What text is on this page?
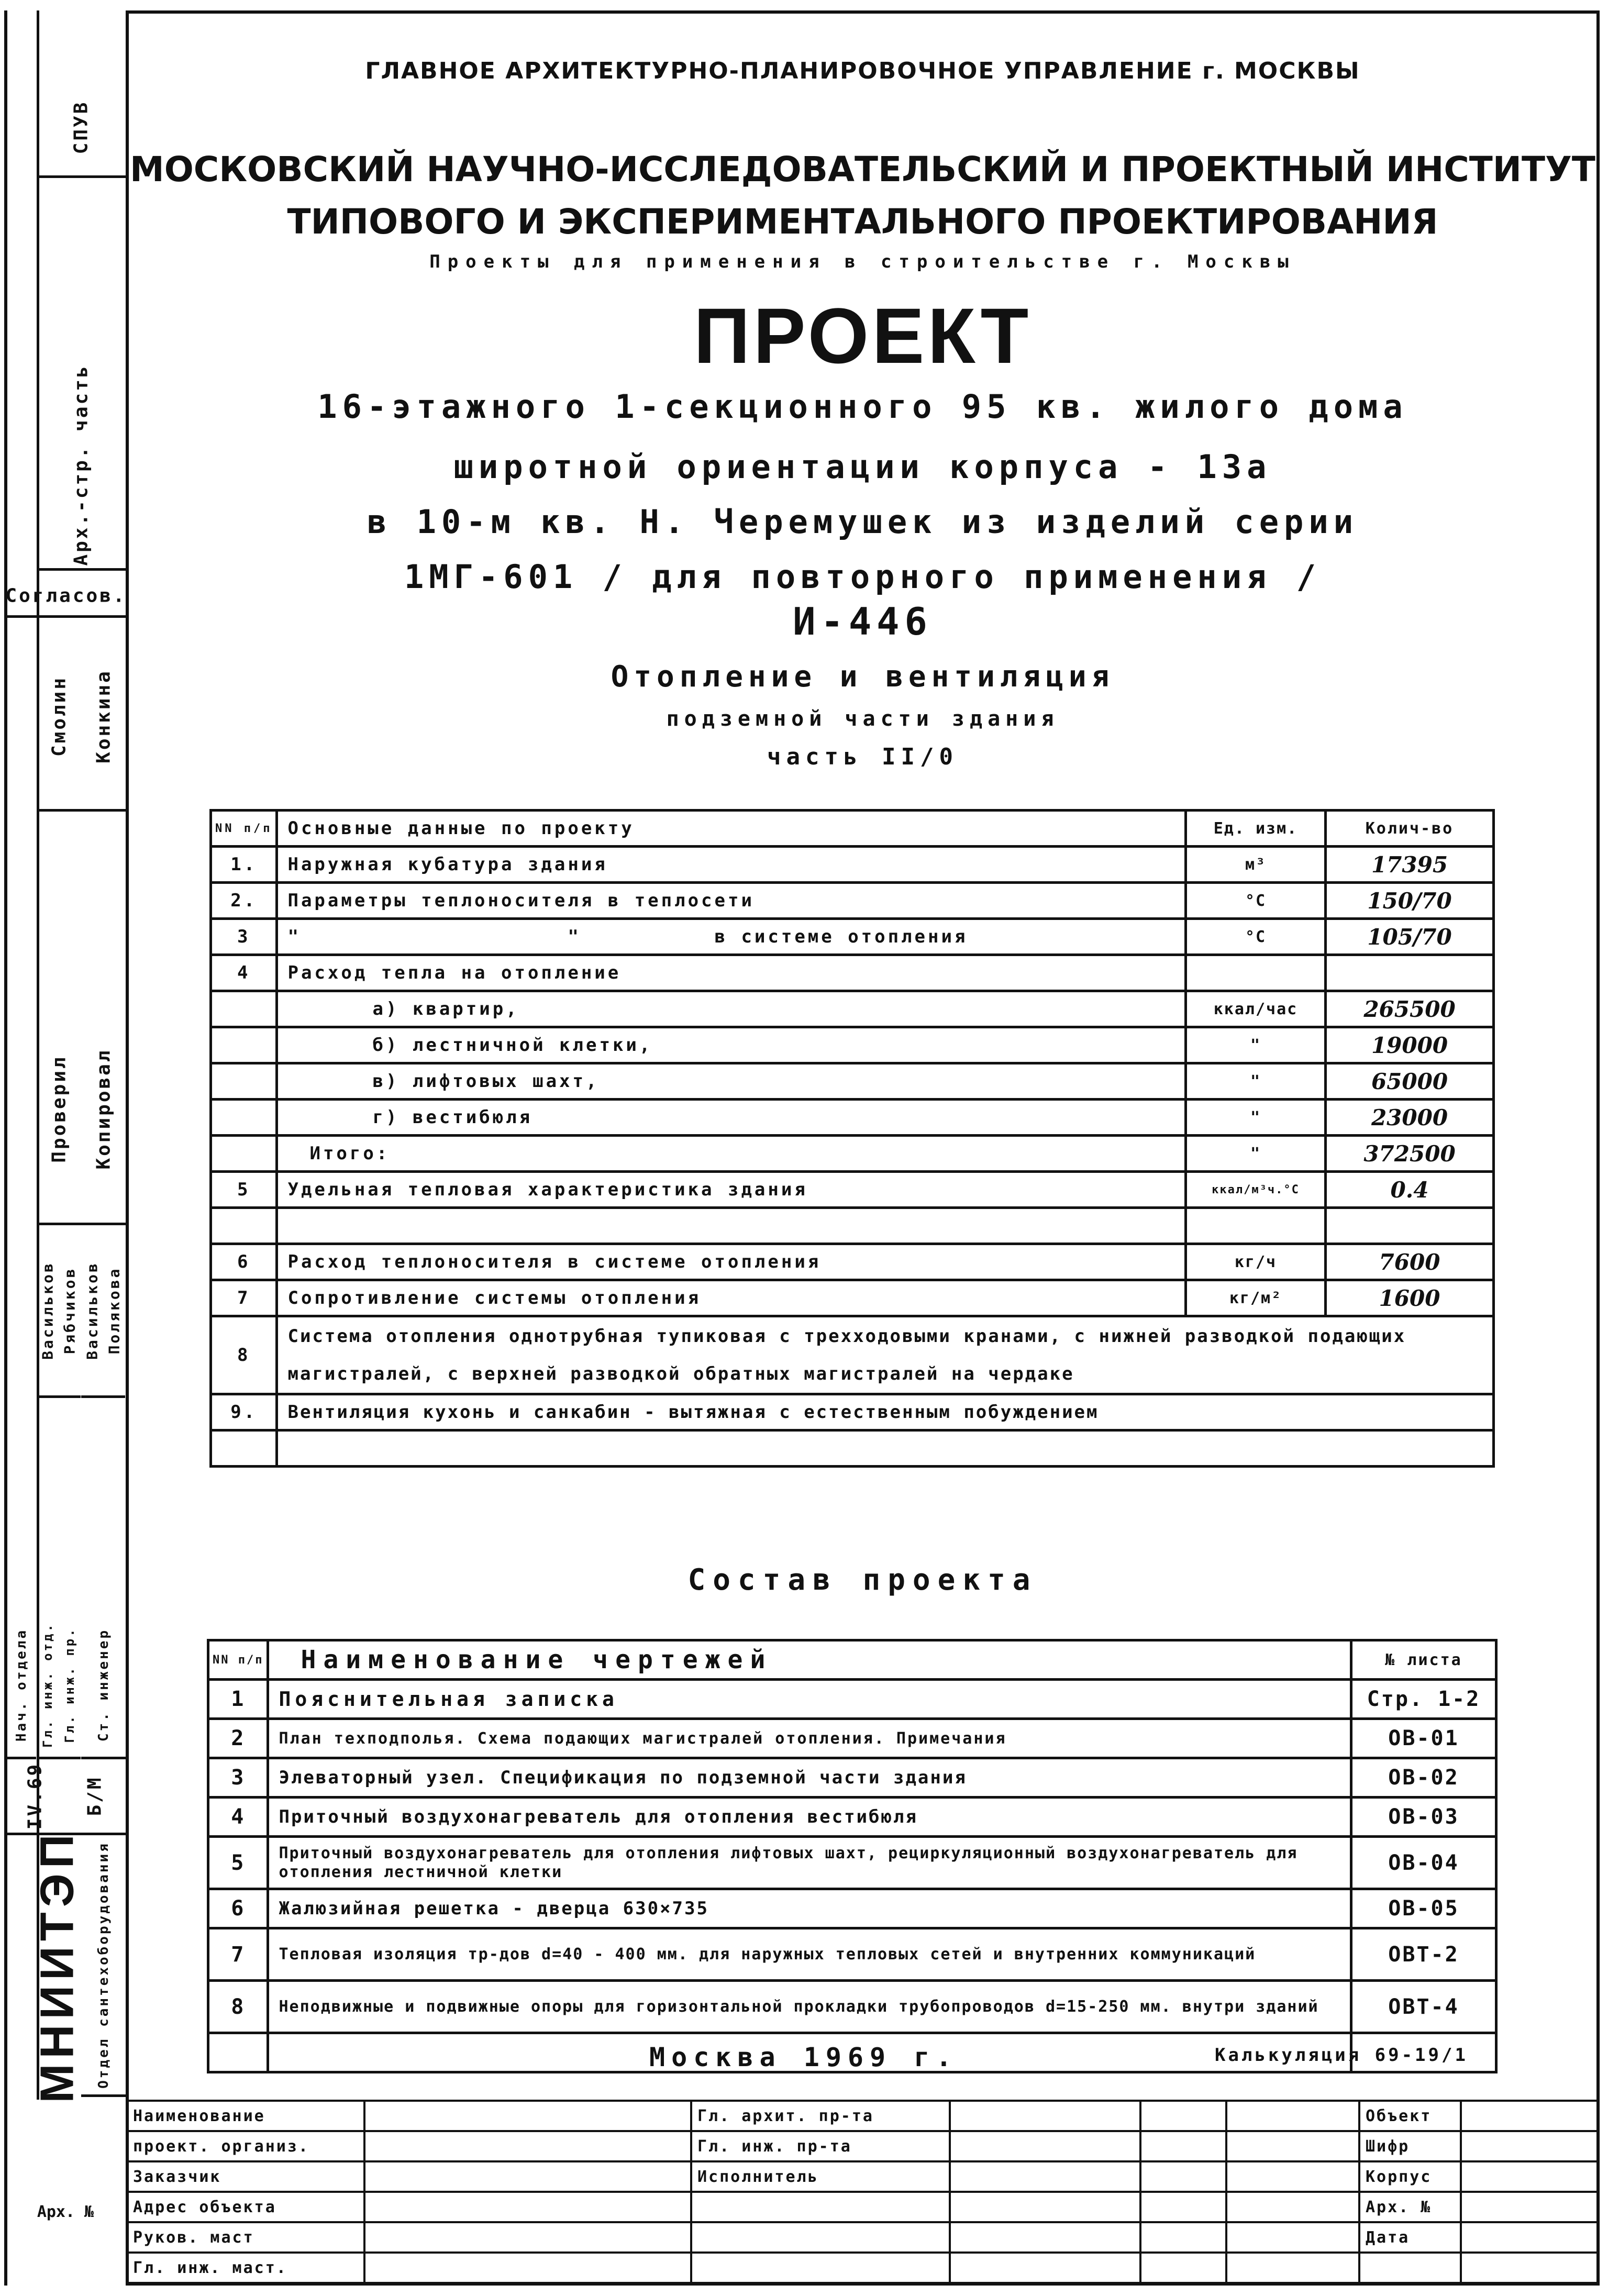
СПУВ
Арх.-стр. часть
Согласов.
Смолин Конкина
Проверил Копировал
Васильков Рябчиков Васильков Полякова
Нач. отдела Гл. инж. отд. Гл. инж. пр. Ст. инженер
IV.69 Б/М
Отдел сантехоборудования
МНИИТЭП
Арх. №
ГЛАВНОЕ АРХИТЕКТУРНО-ПЛАНИРОВОЧНОЕ УПРАВЛЕНИЕ г. МОСКВЫ
МОСКОВСКИЙ НАУЧНО-ИССЛЕДОВАТЕЛЬСКИЙ И ПРОЕКТНЫЙ ИНСТИТУТ
ТИПОВОГО И ЭКСПЕРИМЕНТАЛЬНОГО ПРОЕКТИРОВАНИЯ
Проекты для применения в строительстве г. Москвы
ПРОЕКТ
16-этажного 1-секционного 95 кв. жилого дома
широтной ориентации корпуса - 13а
в 10-м кв. Н. Черемушек из изделий серии
1МГ-601 / для повторного применения /
И-446
Отопление и вентиляция
подземной части здания
часть II/0
NN п/п	Основные данные по проекту	Ед. изм.	Колич-во
1.	Наружная кубатура здания	м³	17395
2.	Параметры теплоносителя в теплосети	°С	150/70
3	"                    "          в системе отопления	°С	105/70
4	Расход тепла на отопление		
	а) квартир,	ккал/час	265500
	б) лестничной клетки,	"	19000
	в) лифтовых шахт,	"	65000
	г) вестибюля	"	23000
	Итого:	"	372500
5	Удельная тепловая характеристика здания	ккал/м³ч.°С	0.4

6	Расход теплоносителя в системе отопления	кг/ч	7600
7	Сопротивление системы отопления	кг/м²	1600
8	Система отопления однотрубная тупиковая с трехходовыми кранами, с нижней разводкой подающих магистралей, с верхней разводкой обратных магистралей на чердаке		
9.	Вентиляция кухонь и санкабин - вытяжная с естественным побуждением		

Состав проекта
NN п/п	Наименование чертежей	№ листа
1	Пояснительная записка	Стр. 1-2
2	План техподполья. Схема подающих магистралей отопления. Примечания	ОВ-01
3	Элеваторный узел. Спецификация по подземной части здания	ОВ-02
4	Приточный воздухонагреватель для отопления вестибюля	ОВ-03
5	Приточный воздухонагреватель для отопления лифтовых шахт, рециркуляционный воздухонагреватель для отопления лестничной клетки	ОВ-04
6	Жалюзийная решетка - дверца 630×735	ОВ-05
7	Тепловая изоляция тр-дов d=40 - 400 мм. для наружных тепловых сетей и внутренних коммуникаций	ОВТ-2
8	Неподвижные и подвижные опоры для горизонтальной прокладки трубопроводов d=15-250 мм. внутри зданий	ОВТ-4

Москва 1969 г.	Калькуляция 69-19/1
Наименование		Гл. архит. пр-та				Объект	
проект. организ.		Гл. инж. пр-та				Шифр	
Заказчик		Исполнитель				Корпус	
Адрес объекта						Арх. №	
Руков. маст						Дата	
Гл. инж. маст.							
